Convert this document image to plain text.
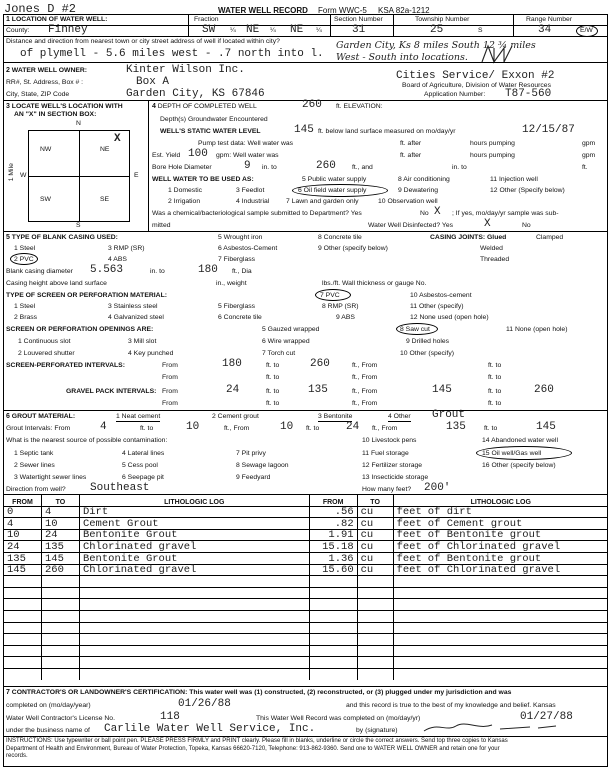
Jones D #2	WATER WELL RECORD Form WWC-5 KSA 82a-1212
1 LOCATION OF WATER WELL:	Fraction	Section Number	Township Number	Range Number
County: Finney	SW ¼ NE ¼ NE ¼	31	25	S	34	E/W
Distance and direction from nearest town or city street address of well if located within city?
of plymell - 5.6 miles west - .7 north into l.
Garden City, Ks 8 miles South 12 ¾ miles
West - South into locations.
2 WATER WELL OWNER:	Kinter Wilson Inc.
RR#, St. Address, Box # :	Box A
City, State, ZIP Code	Garden City, KS 67846
Cities Service/ Exxon #2
Board of Agriculture, Division of Water Resources
Application Number: T87-560
3 LOCATE WELL'S LOCATION WITH
AN "X" IN SECTION BOX:
N
NW	NE
SW	SE
W	E
S
1 Mile
X
4 DEPTH OF COMPLETED WELL	260 ft. ELEVATION:
Depth(s) Groundwater Encountered
WELL'S STATIC WATER LEVEL	145 ft. below land surface measured on mo/day/yr	12/15/87
Pump test data: Well water was	ft. after	hours pumping	gpm
Est. Yield 100 gpm: Well water was	ft. after	hours pumping	gpm
Bore Hole Diameter	9 in. to	260 ft., and	in. to	ft.
WELL WATER TO BE USED AS:	5 Public water supply	8 Air conditioning	11 Injection well
1 Domestic	3 Feedlot	6 Oil field water supply	9 Dewatering	12 Other (Specify below)
2 Irrigation	4 Industrial 7 Lawn and garden only	10 Observation well
Was a chemical/bacteriological sample submitted to Department? Yes	No X ; If yes, mo/day/yr sample was sub-
mitted	Water Well Disinfected? Yes	X	No
5 TYPE OF BLANK CASING USED:	5 Wrought iron	8 Concrete tile	CASING JOINTS: Glued	Clamped
1 Steel	3 RMP (SR)	6 Asbestos-Cement	9 Other (specify below)	Welded
2 PVC	4 ABS	7 Fiberglass	Threaded
Blank casing diameter 5.563	in. to	180 ft., Dia
Casing height above land surface	in., weight	lbs./ft. Wall thickness or gauge No.
TYPE OF SCREEN OR PERFORATION MATERIAL:	7 PVC	10 Asbestos-cement
1 Steel	3 Stainless steel	5 Fiberglass	8 RMP (SR)	11 Other (specify)
2 Brass	4 Galvanized steel	6 Concrete tile	9 ABS	12 None used (open hole)
SCREEN OR PERFORATION OPENINGS ARE:	5 Gauzed wrapped	8 Saw cut	11 None (open hole)
1 Continuous slot	3 Mill slot	6 Wire wrapped	9 Drilled holes
2 Louvered shutter	4 Key punched	7 Torch cut	10 Other (specify)
SCREEN-PERFORATED INTERVALS:	From	180	ft. to	260	ft., From	ft. to
From	ft. to	ft., From	ft. to
GRAVEL PACK INTERVALS: From	24	ft. to	135	ft., From	145	ft. to	260
From	ft. to	ft., From	ft. to
6 GROUT MATERIAL:	1 Neat cement	2 Cement grout	3 Bentonite	4 Other Grout
Grout Intervals: From	4	ft. to	10	ft., From	10 ft. to 24 ft., From	135	ft. to	145
What is the nearest source of possible contamination:	10 Livestock pens	14 Abandoned water well
1 Septic tank	4 Lateral lines	7 Pit privy	11 Fuel storage	15 Oil well/Gas well
2 Sewer lines	5 Cess pool	8 Sewage lagoon	12 Fertilizer storage	16 Other (specify below)
3 Watertight sewer lines	6 Seepage pit	9 Feedyard	13 Insecticide storage
Direction from well? Southeast	How many feet? 200'
FROM	TO	LITHOLOGIC LOG	FROM	TO	LITHOLOGIC LOG
0	4	Dirt	.56	cu	feet of dirt
4	10	Cement Grout	.82	cu	feet of Cement grout
10	24	Bentonite Grout	1.91	cu	feet of Bentonite grout
24	135	Chlorinated gravel	15.18	cu	feet of Chlorinated gravel
135	145	Bentonite Grout	1.36	cu	feet of Bentonite grout
145	260	Chlorinated gravel	15.60	cu	feet of Chlorinated gravel

7 CONTRACTOR'S OR LANDOWNER'S CERTIFICATION: This water well was (1) constructed, (2) reconstructed, or (3) plugged under my jurisdiction and was
completed on (mo/day/year)	01/26/88	and this record is true to the best of my knowledge and belief. Kansas
Water Well Contractor's License No.	118	This Water Well Record was completed on (mo/day/yr)	01/27/88
under the business name of Carlile Water Well Service, Inc.	by (signature)
INSTRUCTIONS: Use typewriter or ball point pen. PLEASE PRESS FIRMLY and PRINT clearly. Please fill in blanks, underline or circle the correct answers. Send top three copies to Kansas
Department of Health and Environment, Bureau of Water Protection, Topeka, Kansas 66620-7120, Telephone: 913-862-9360. Send one to WATER WELL OWNER and retain one for your
records.
